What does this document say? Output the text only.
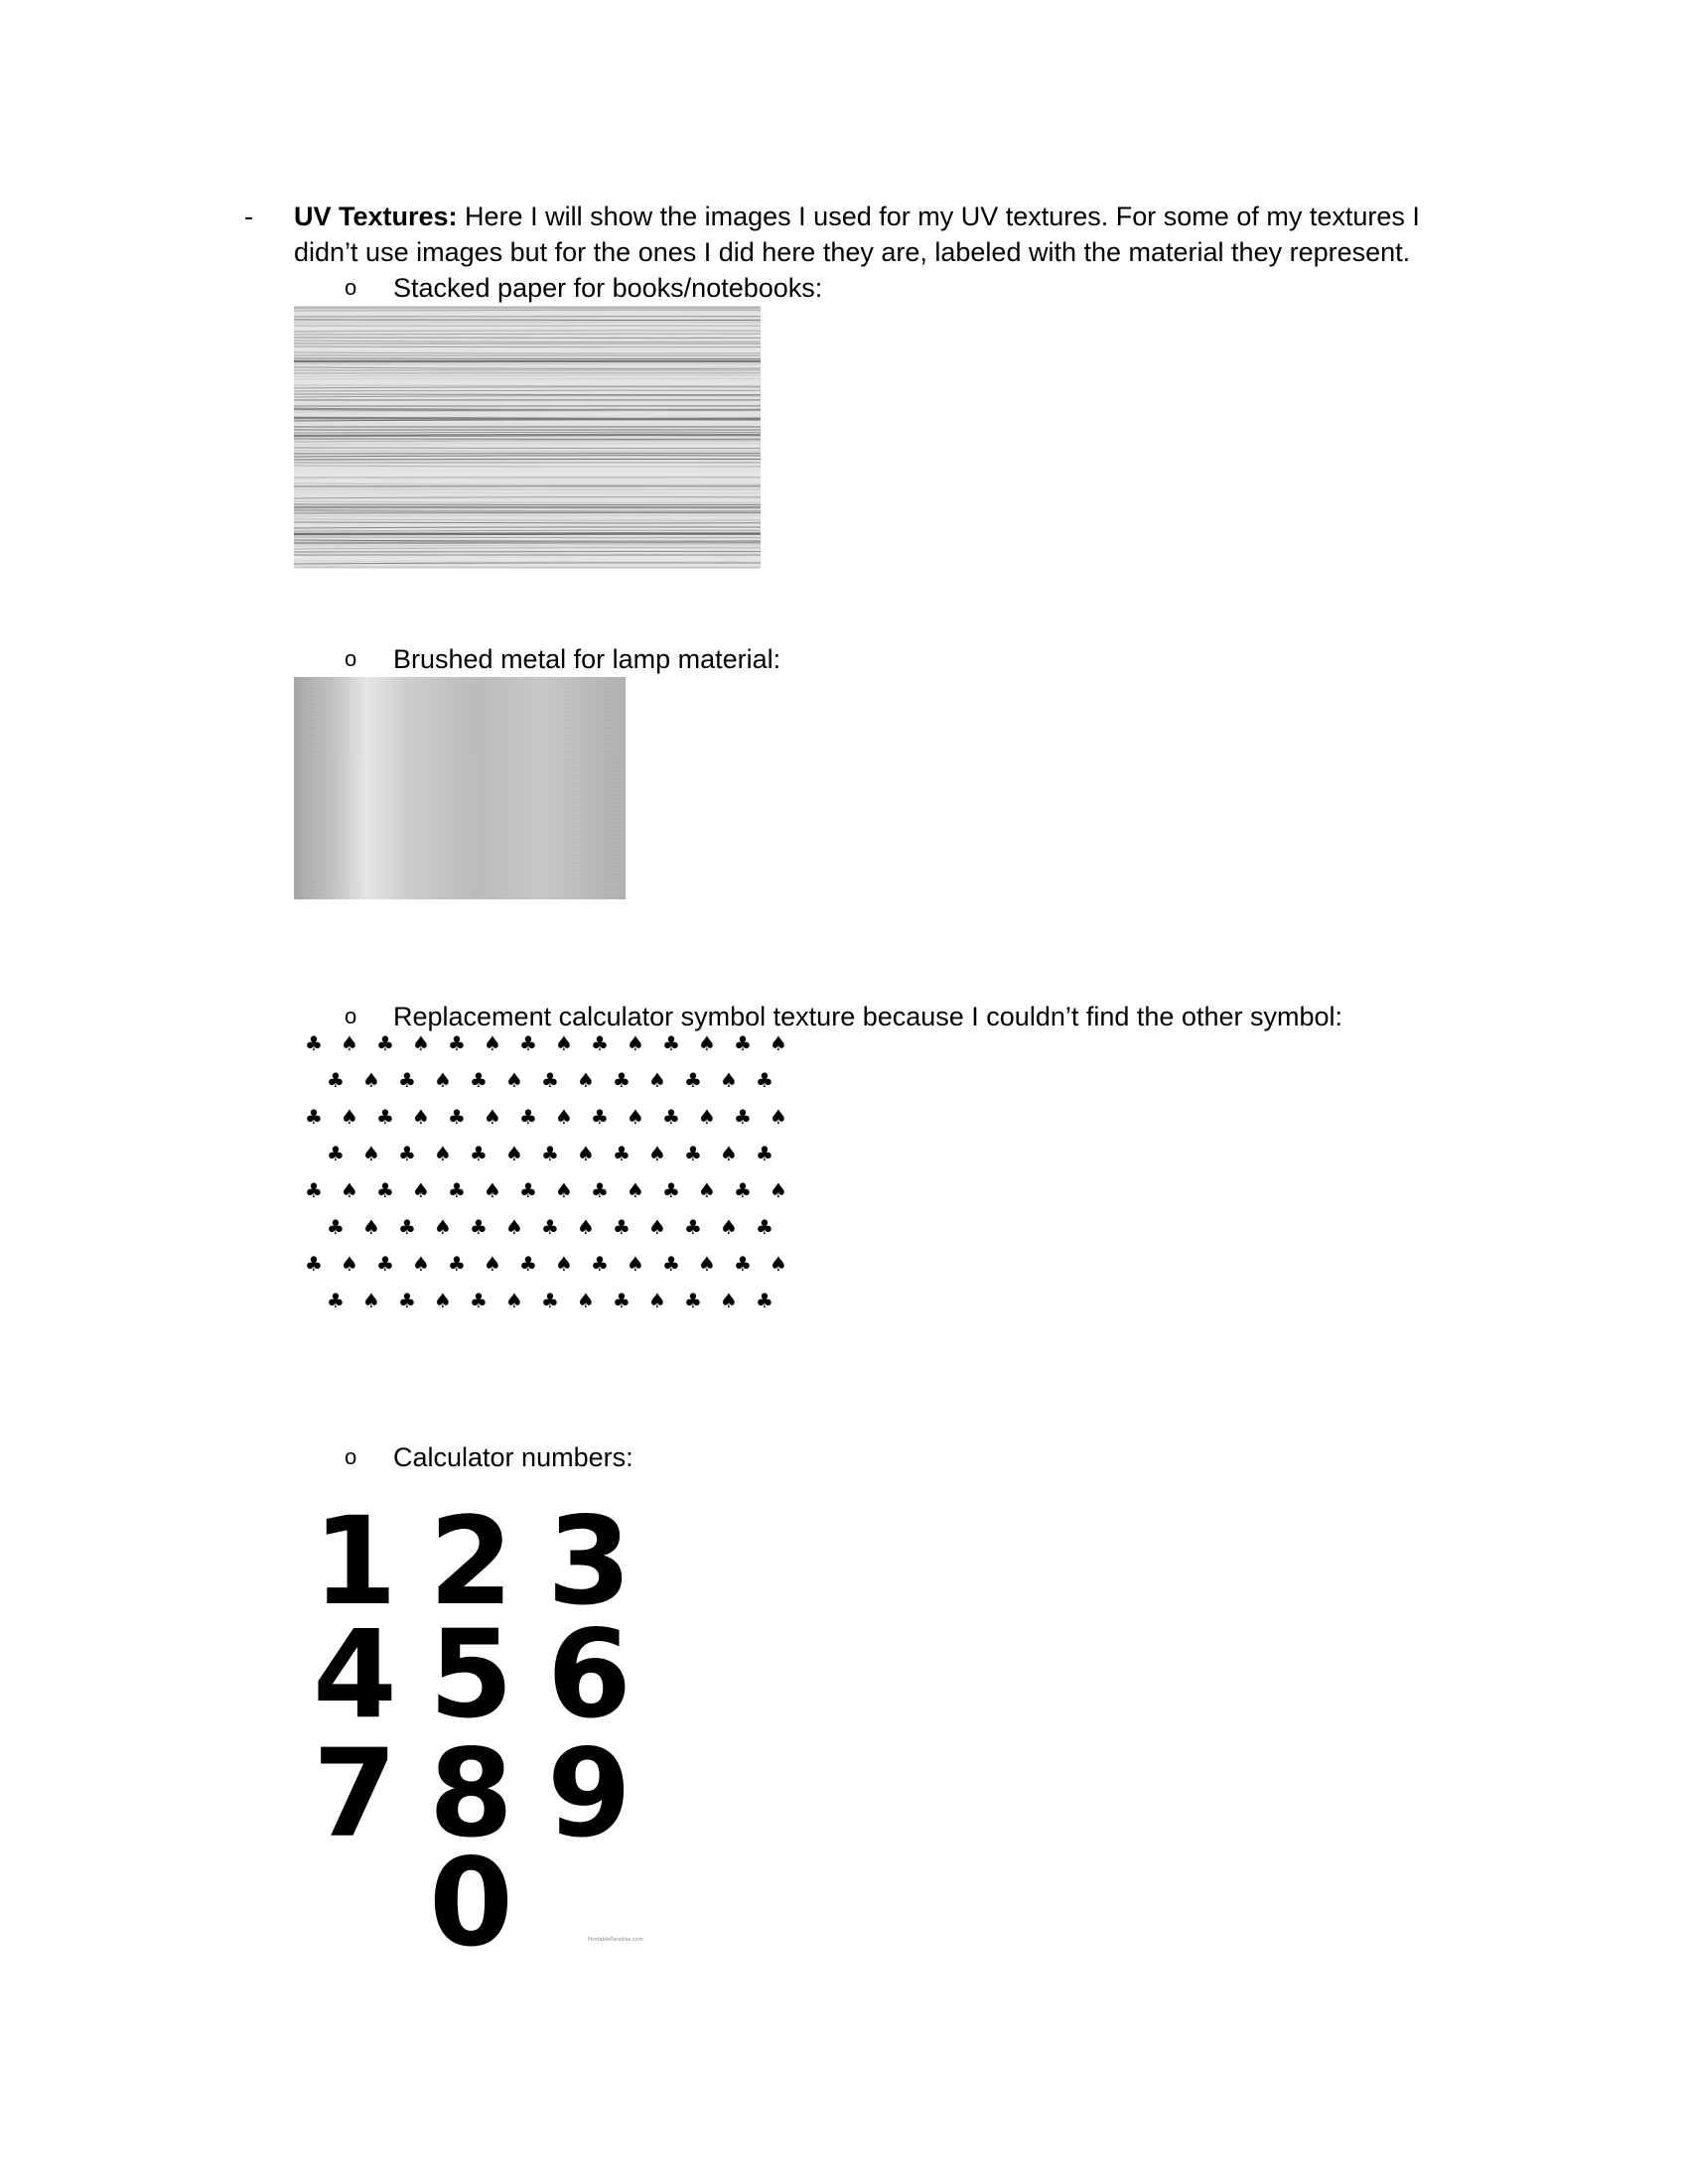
- UV Textures: Here I will show the images I used for my UV textures. For some of my textures I didn’t use images but for the ones I did here they are, labeled with the material they represent.
o Stacked paper for books/notebooks:
o Brushed metal for lamp material:
o Replacement calculator symbol texture because I couldn’t find the other symbol:
♣ ♠ ♣ ♠ ♣ ♠ ♣ ♠ ♣ ♠ ♣ ♠ ♣ ♠
♣ ♠ ♣ ♠ ♣ ♠ ♣ ♠ ♣ ♠ ♣ ♠ ♣
♣ ♠ ♣ ♠ ♣ ♠ ♣ ♠ ♣ ♠ ♣ ♠ ♣ ♠
♣ ♠ ♣ ♠ ♣ ♠ ♣ ♠ ♣ ♠ ♣ ♠ ♣
♣ ♠ ♣ ♠ ♣ ♠ ♣ ♠ ♣ ♠ ♣ ♠ ♣ ♠
♣ ♠ ♣ ♠ ♣ ♠ ♣ ♠ ♣ ♠ ♣ ♠ ♣
♣ ♠ ♣ ♠ ♣ ♠ ♣ ♠ ♣ ♠ ♣ ♠ ♣ ♠
♣ ♠ ♣ ♠ ♣ ♠ ♣ ♠ ♣ ♠ ♣ ♠ ♣
o Calculator numbers:
1 2 3
4 5 6
7 8 9
0	PrintableParadise.com
